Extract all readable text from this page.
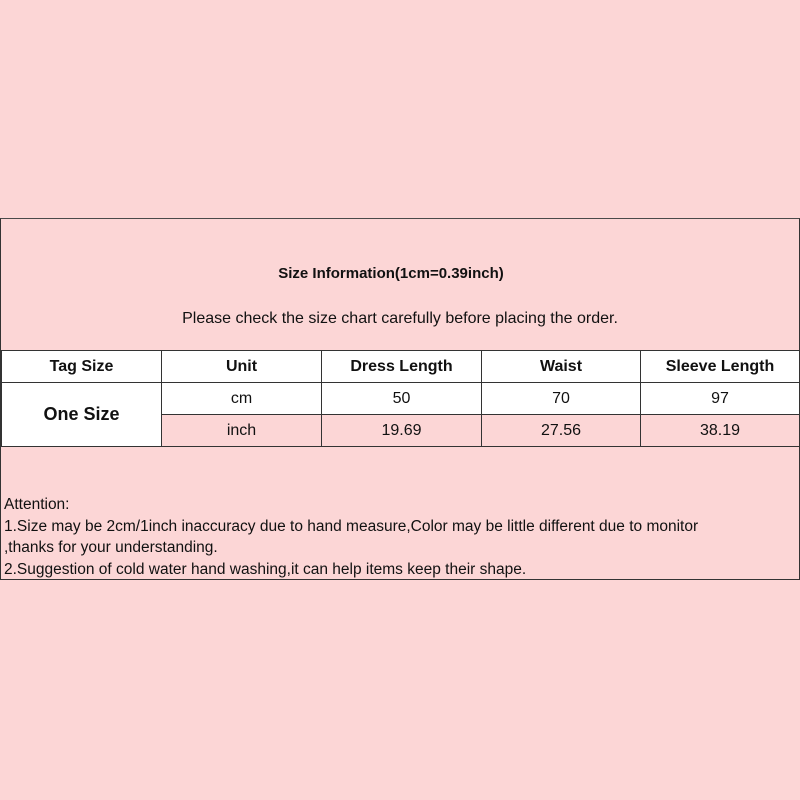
Size Information(1cm=0.39inch)
Please check the size chart carefully before placing the order.
Tag Size	Unit	Dress Length	Waist	Sleeve Length
One Size	cm	50	70	97
	inch	19.69	27.56	38.19
Attention:
1.Size may be 2cm/1inch inaccuracy due to hand measure,Color may be little different due to monitor
,thanks for your understanding.
2.Suggestion of cold water hand washing,it can help items keep their shape.
